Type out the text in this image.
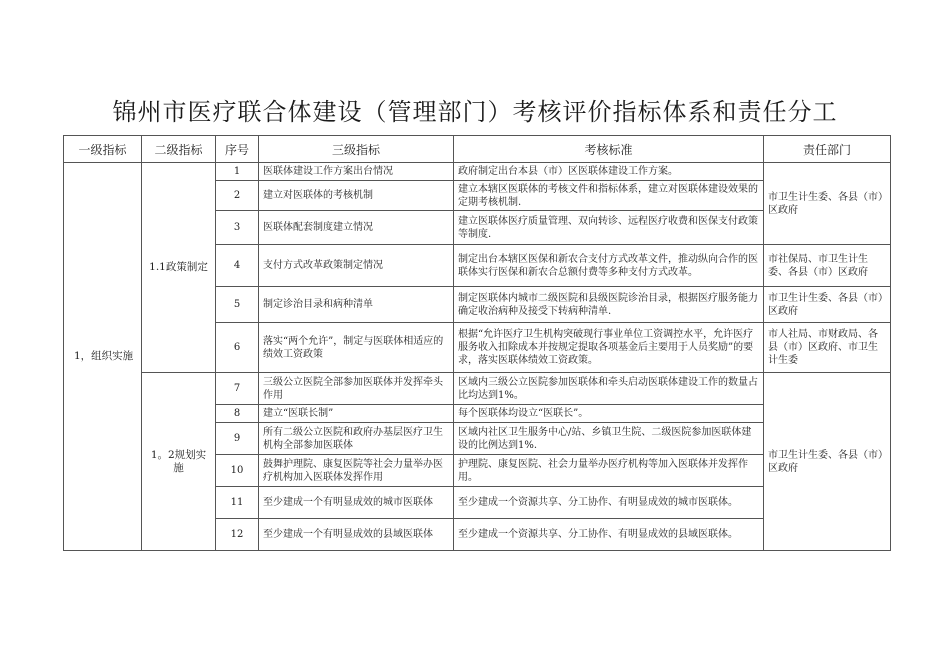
锦州市医疗联合体建设（管理部门）考核评价指标体系和责任分工
一级指标	二级指标	序号	三级指标	考核标准	责任部门
1，组织实施	1.1政策制定	1	医联体建设工作方案出台情况	政府制定出台本县（市）区医联体建设工作方案。	市卫生计生委、各县（市）区政府
		2	建立对医联体的考核机制	建立本辖区医联体的考核文件和指标体系，建立对医联体建设效果的定期考核机制.	
		3	医联体配套制度建立情况	建立医联体医疗质量管理、双向转诊、远程医疗收费和医保支付政策等制度.	
		4	支付方式改革政策制定情况	制定出台本辖区医保和新农合支付方式改革文件，推动纵向合作的医联体实行医保和新农合总额付费等多种支付方式改革。	市社保局、市卫生计生委、各县（市）区政府
		5	制定诊治目录和病种清单	制定医联体内城市二级医院和县级医院诊治目录，根据医疗服务能力确定收治病种及接受下转病种清单.	市卫生计生委、各县（市）区政府
		6	落实“两个允许”，制定与医联体相适应的绩效工资政策	根据“允许医疗卫生机构突破现行事业单位工资调控水平，允许医疗服务收入扣除成本并按规定提取各项基金后主要用于人员奖励”的要求，落实医联体绩效工资政策。	市人社局、市财政局、各县（市）区政府、市卫生计生委
	1。2规划实施	7	三级公立医院全部参加医联体并发挥牵头作用	区域内三级公立医院参加医联体和牵头启动医联体建设工作的数量占比均达到1%。	市卫生计生委、各县（市）区政府
		8	建立“医联长制”	每个医联体均设立“医联长”。	
		9	所有二级公立医院和政府办基层医疗卫生机构全部参加医联体	区域内社区卫生服务中心/站、乡镇卫生院、二级医院参加医联体建设的比例达到1%.	
		10	鼓舞护理院、康复医院等社会力量举办医疗机构加入医联体发挥作用	护理院、康复医院、社会力量举办医疗机构等加入医联体并发挥作用。	
		11	至少建成一个有明显成效的城市医联体	至少建成一个资源共享、分工协作、有明显成效的城市医联体。	
		12	至少建成一个有明显成效的县域医联体	至少建成一个资源共享、分工协作、有明显成效的县域医联体。	
